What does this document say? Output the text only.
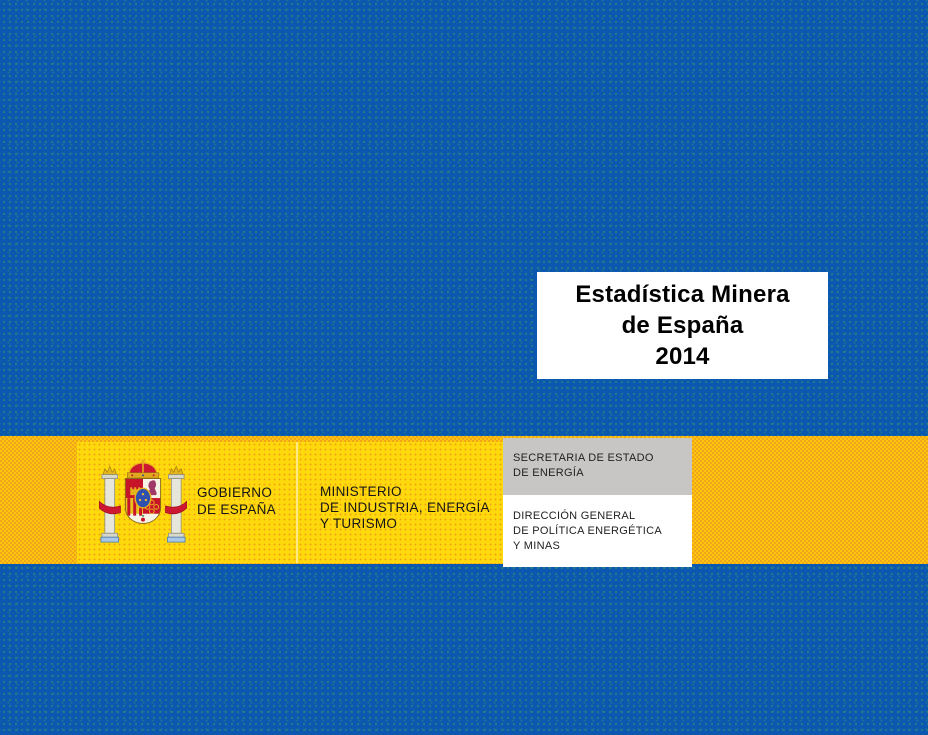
Estadística Minera
de España
2014
GOBIERNO
DE ESPAÑA
MINISTERIO
DE INDUSTRIA, ENERGÍA
Y TURISMO
SECRETARIA DE ESTADO
DE ENERGÍA
DIRECCIÓN GENERAL
DE POLÍTICA ENERGÉTICA
Y MINAS
